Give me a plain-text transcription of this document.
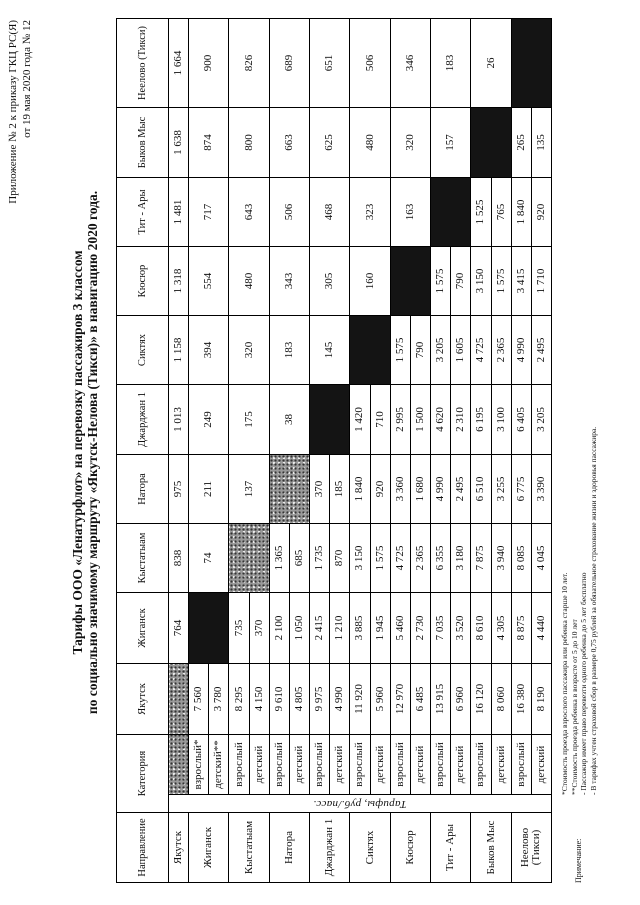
Приложение № 2 к приказу ГКЦ РС(Я) от 19 мая 2020 года № 12
Тарифы ООО «Ленатурфлот» на перевозку пассажиров 3 классом по социально значимому маршруту «Якутск-Нелова (Тикси)» в навигацию 2020 года.
Направление	Категория		Якутск	Жиганск	Кыстатыам	Натора	Джарджан 1	Сиктях	Кюсюр	Тит - Ары	Быков Мыс	Неелово (Тикси)
Якутск	Тарифы, руб./пасс.			764	838	975	1 013	1 158	1 318	1 481	1 638	1 664
Жиганск		взрослый*	7 560		74	211	249	394	554	717	874	900
		детский**	3 780									
Кыстатыам		взрослый	8 295	735		137	175	320	480	643	800	826
		детский	4 150	370								
Натора		взрослый	9 610	2 100	1 365		38	183	343	506	663	689
		детский	4 805	1 050	685							
Джарджан 1		взрослый	9 975	2 415	1 735	370		145	305	468	625	651
		детский	4 990	1 210	870	185						
Сиктях		взрослый	11 920	3 885	3 150	1 840	1 420		160	323	480	506
		детский	5 960	1 945	1 575	920	710					
Кюсюр		взрослый	12 970	5 460	4 725	3 360	2 995	1 575		163	320	346
		детский	6 485	2 730	2 365	1 680	1 500	790				
Тит - Ары		взрослый	13 915	7 035	6 355	4 990	4 620	3 205	1 575		157	183
		детский	6 960	3 520	3 180	2 495	2 310	1 605	790			
Быков Мыс		взрослый	16 120	8 610	7 875	6 510	6 195	4 725	3 150	1 525		26
		детский	8 060	4 305	3 940	3 255	3 100	2 365	1 575	765		
Неелово (Тикси)		взрослый	16 380	8 875	8 085	6 775	6 405	4 990	3 415	1 840	265	
		детский	8 190	4 440	4 045	3 390	3 205	2 495	1 710	920	135	
Примечание:
*Стоимость проезда взрослого пассажира или ребенка старше 10 лет. **Стоимость проезда ребенка в возрасте от 5 до 10 лет - Пассажир имеет право перевезти одного ребенка до 5 лет бесплатно - В тарифах учтен страховой сбор в размере 0,75 рублей за обязательное страхование жизни и здоровья пассажира.
